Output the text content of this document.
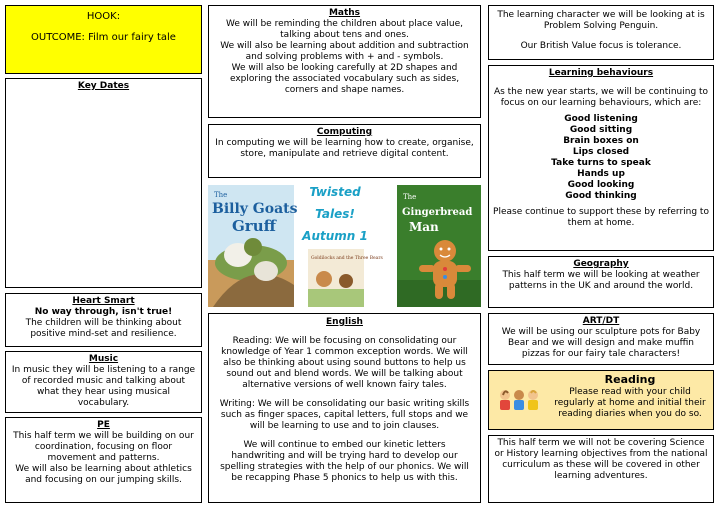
HOOK:
OUTCOME: Film our fairy tale
Key Dates
Heart Smart
No way through, isn't true!
The children will be thinking about positive mind-set and resilience.
Music
In music they will be listening to a range of recorded music and talking about what they hear using musical vocabulary.
PE
This half term we will be building on our coordination, focusing on floor movement and patterns.
We will also be learning about athletics and focusing on our jumping skills.
Maths
We will be reminding the children about place value, talking about tens and ones.
We will also be learning about addition and subtraction and solving problems with + and - symbols.
We will also be looking carefully at 2D shapes and exploring the associated vocabulary such as sides, corners and shape names.
Computing
In computing we will be learning how to create, organise, store, manipulate and retrieve digital content.
The
Billy Goats
Gruff
Twisted
Tales!
Autumn 1
Goldilocks and the Three Bears
The
Gingerbread
Man
English
Reading: We will be focusing on consolidating our knowledge of Year 1 common exception words. We will also be thinking about using sound buttons to help us sound out and blend words. We will be talking about alternative versions of well known fairy tales.
Writing: We will be consolidating our basic writing skills such as finger spaces, capital letters, full stops and we will be learning to use and to join clauses.
We will continue to embed our kinetic letters handwriting and will be trying hard to develop our spelling strategies with the help of our phonics. We will be recapping Phase 5 phonics to help us with this.
The learning character we will be looking at is Problem Solving Penguin.
Our British Value focus is tolerance.
Learning behaviours
As the new year starts, we will be continuing to focus on our learning behaviours, which are:
Good listening
Good sitting
Brain boxes on
Lips closed
Take turns to speak
Hands up
Good looking
Good thinking
Please continue to support these by referring to them at home.
Geography
This half term we will be looking at weather patterns in the UK and around the world.
ART/DT
We will be using our sculpture pots for Baby Bear and we will design and make muffin pizzas for our fairy tale characters!
Reading
Please read with your child regularly at home and initial their reading diaries when you do so.
This half term we will not be covering Science or History learning objectives from the national curriculum as these will be covered in other learning adventures.
